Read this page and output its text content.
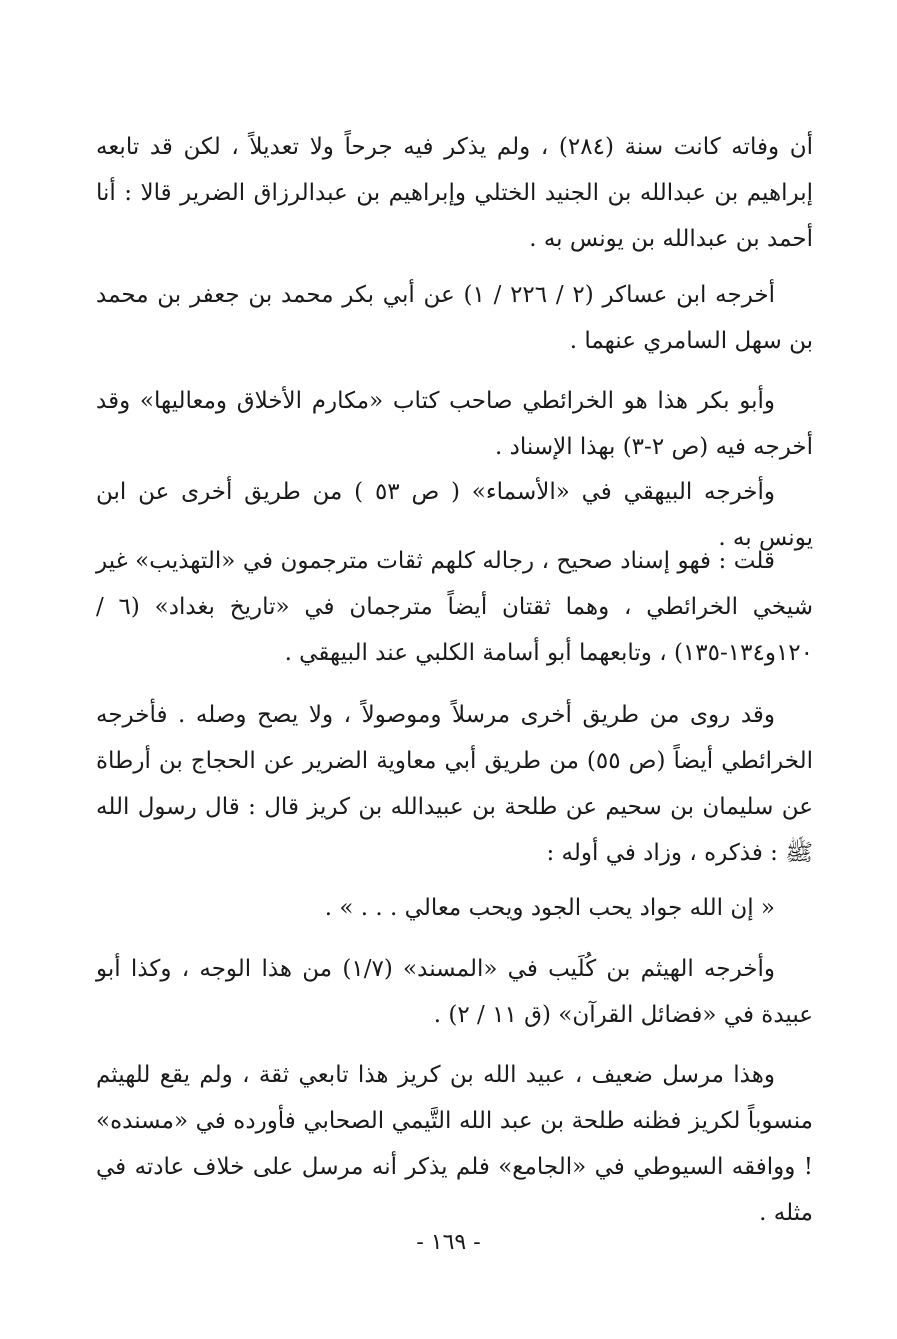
أن وفاته كانت سنة (٢٨٤) ، ولم يذكر فيه جرحاً ولا تعديلاً ، لكن قد تابعه إبراهيم بن عبدالله بن الجنيد الختلي وإبراهيم بن عبدالرزاق الضرير قالا : أنا أحمد بن عبدالله بن يونس به .

أخرجه ابن عساكر (٢ / ٢٢٦ / ١) عن أبي بكر محمد بن جعفر بن محمد بن سهل السامري عنهما .

وأبو بكر هذا هو الخرائطي صاحب كتاب «مكارم الأخلاق ومعاليها» وقد أخرجه فيه (ص ٢-٣) بهذا الإسناد .

وأخرجه البيهقي في «الأسماء» ( ص ٥٣ ) من طريق أخرى عن ابن يونس به .

قلت : فهو إسناد صحيح ، رجاله كلهم ثقات مترجمون في «التهذيب» غير شيخي الخرائطي ، وهما ثقتان أيضاً مترجمان في «تاريخ بغداد» (٦ / ١٢٠و١٣٤-١٣٥) ، وتابعهما أبو أسامة الكلبي عند البيهقي .

وقد روى من طريق أخرى مرسلاً وموصولاً ، ولا يصح وصله . فأخرجه الخرائطي أيضاً (ص ٥٥) من طريق أبي معاوية الضرير عن الحجاج بن أرطاة عن سليمان بن سحيم عن طلحة بن عبيدالله بن كريز قال : قال رسول الله ﷺ : فذكره ، وزاد في أوله :

« إن الله جواد يحب الجود ويحب معالي . . . » .

وأخرجه الهيثم بن كُلَيب في «المسند» (١/٧) من هذا الوجه ، وكذا أبو عبيدة في «فضائل القرآن» (ق ١١ / ٢) .

وهذا مرسل ضعيف ، عبيد الله بن كريز هذا تابعي ثقة ، ولم يقع للهيثم منسوباً لكريز فظنه طلحة بن عبد الله التَّيمي الصحابي فأورده في «مسنده» ! ووافقه السيوطي في «الجامع» فلم يذكر أنه مرسل على خلاف عادته في مثله .

- ١٦٩ -
